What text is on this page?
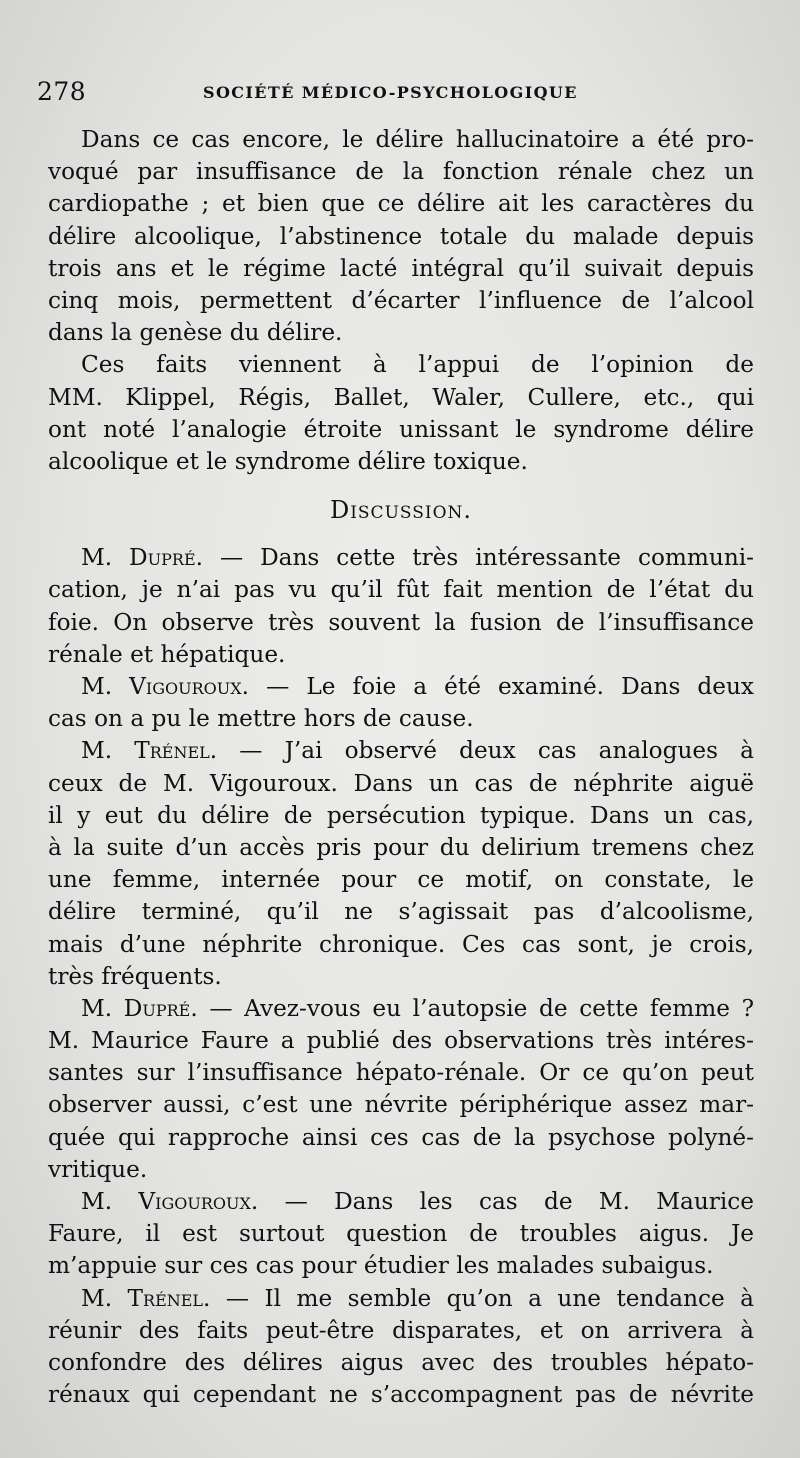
278	SOCIÉTÉ MÉDICO-PSYCHOLOGIQUE
Dans ce cas encore, le délire hallucinatoire a été pro-
voqué par insuffisance de la fonction rénale chez un
cardiopathe ; et bien que ce délire ait les caractères du
délire alcoolique, l’abstinence totale du malade depuis
trois ans et le régime lacté intégral qu’il suivait depuis
cinq mois, permettent d’écarter l’influence de l’alcool
dans la genèse du délire.
Ces faits viennent à l’appui de l’opinion de
MM. Klippel, Régis, Ballet, Waler, Cullere, etc., qui
ont noté l’analogie étroite unissant le syndrome délire
alcoolique et le syndrome délire toxique.
Discussion.
M. Dupré. — Dans cette très intéressante communi-
cation, je n’ai pas vu qu’il fût fait mention de l’état du
foie. On observe très souvent la fusion de l’insuffisance
rénale et hépatique.
M. Vigouroux. — Le foie a été examiné. Dans deux
cas on a pu le mettre hors de cause.
M. Trénel. — J’ai observé deux cas analogues à
ceux de M. Vigouroux. Dans un cas de néphrite aiguë
il y eut du délire de persécution typique. Dans un cas,
à la suite d’un accès pris pour du delirium tremens chez
une femme, internée pour ce motif, on constate, le
délire terminé, qu’il ne s’agissait pas d’alcoolisme,
mais d’une néphrite chronique. Ces cas sont, je crois,
très fréquents.
M. Dupré. — Avez-vous eu l’autopsie de cette femme ?
M. Maurice Faure a publié des observations très intéres-
santes sur l’insuffisance hépato-rénale. Or ce qu’on peut
observer aussi, c’est une névrite périphérique assez mar-
quée qui rapproche ainsi ces cas de la psychose polyné-
vritique.
M. Vigouroux. — Dans les cas de M. Maurice
Faure, il est surtout question de troubles aigus. Je
m’appuie sur ces cas pour étudier les malades subaigus.
M. Trénel. — Il me semble qu’on a une tendance à
réunir des faits peut-être disparates, et on arrivera à
confondre des délires aigus avec des troubles hépato-
rénaux qui cependant ne s’accompagnent pas de névrite
